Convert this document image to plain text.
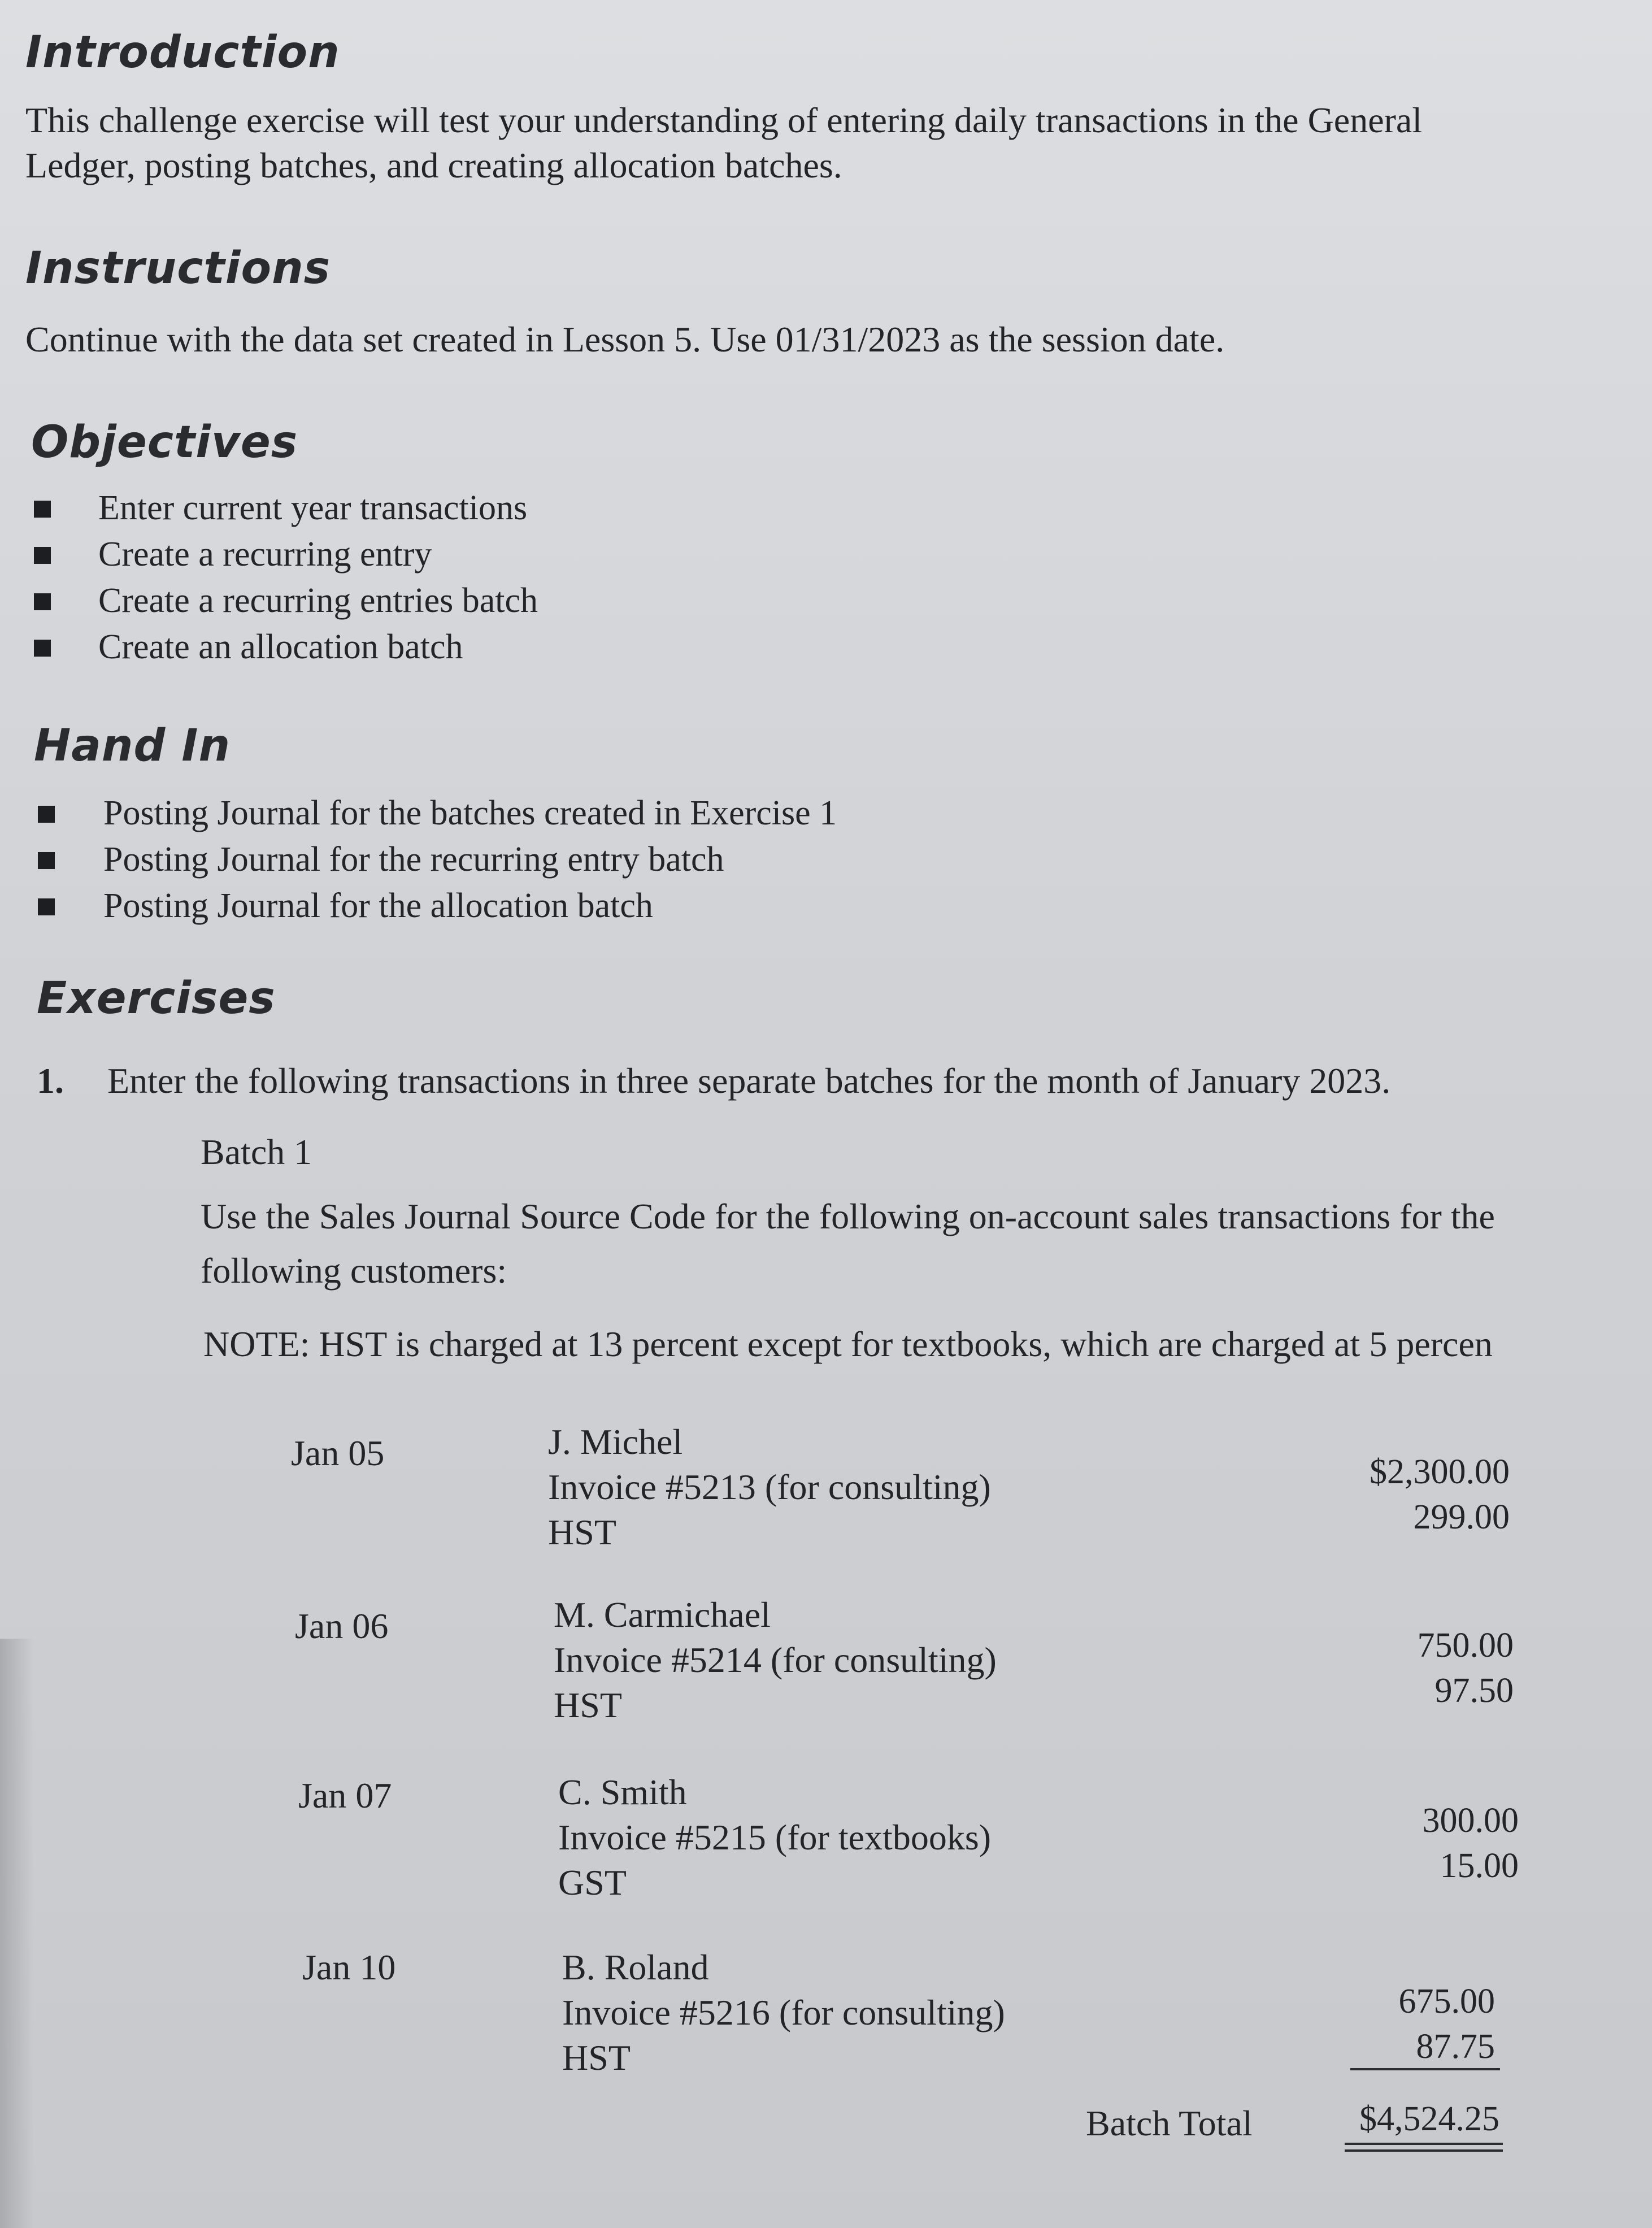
Introduction
This challenge exercise will test your understanding of entering daily transactions in the General
Ledger, posting batches, and creating allocation batches.
Instructions
Continue with the data set created in Lesson 5. Use 01/31/2023 as the session date.
Objectives
Enter current year transactions
Create a recurring entry
Create a recurring entries batch
Create an allocation batch
Hand In
Posting Journal for the batches created in Exercise 1
Posting Journal for the recurring entry batch
Posting Journal for the allocation batch
Exercises
1. Enter the following transactions in three separate batches for the month of January 2023.
Batch 1
Use the Sales Journal Source Code for the following on-account sales transactions for the
following customers:
NOTE: HST is charged at 13 percent except for textbooks, which are charged at 5 percen
Jan 05	J. Michel
Invoice #5213 (for consulting)
HST
$2,300.00
299.00
Jan 06	M. Carmichael
Invoice #5214 (for consulting)
HST
750.00
97.50
Jan 07	C. Smith
Invoice #5215 (for textbooks)
GST
300.00
15.00
Jan 10	B. Roland
Invoice #5216 (for consulting)
HST
675.00
87.75
Batch Total	$4,524.25
